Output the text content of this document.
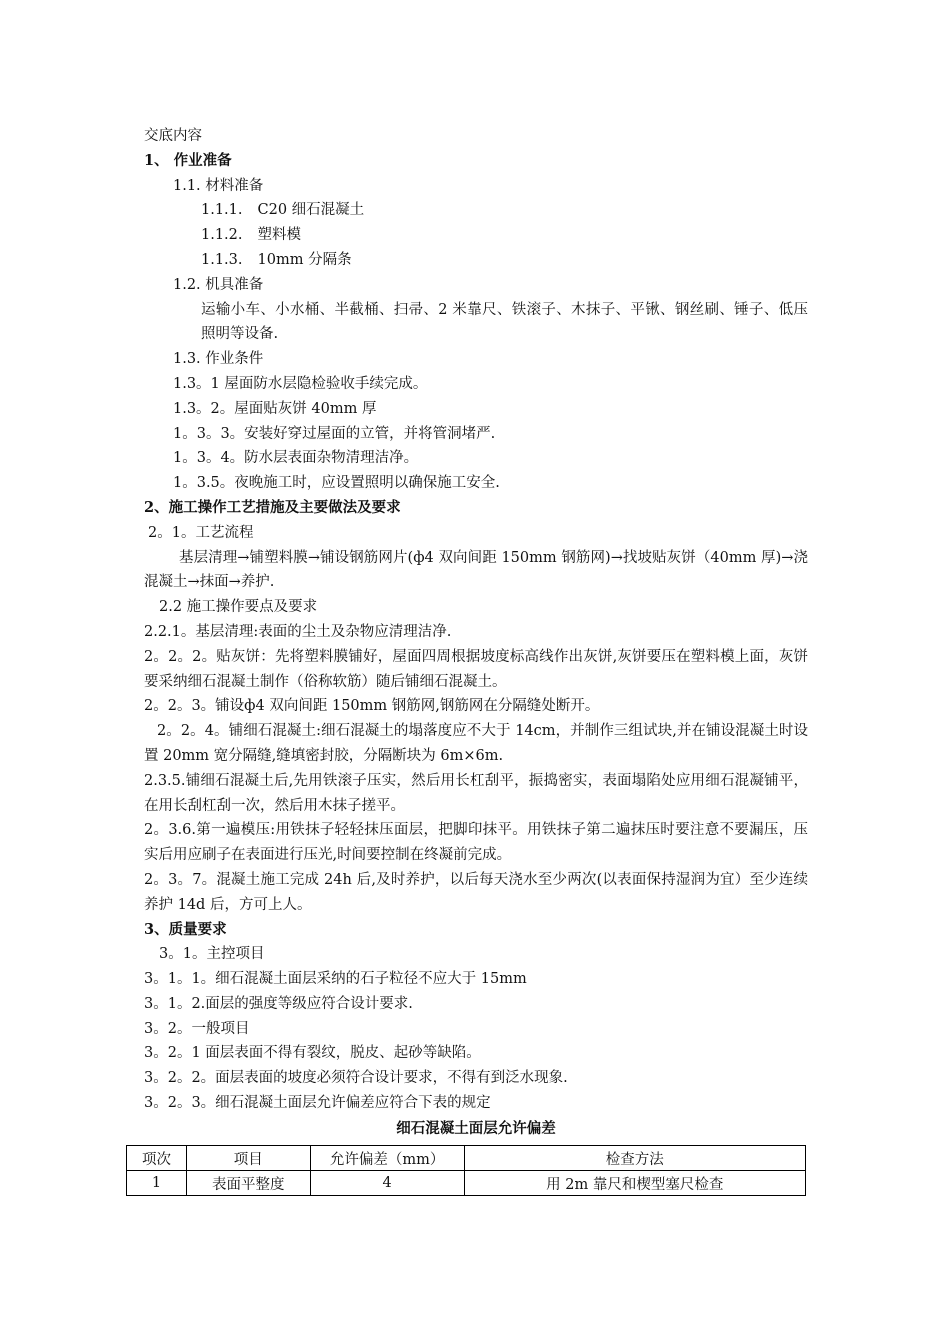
交底内容
1、 作业准备
1.1. 材料准备
1.1.1. C20 细石混凝土
1.1.2. 塑料模
1.1.3. 10mm 分隔条
1.2. 机具准备
运输小车、小水桶、半截桶、扫帚、2 米靠尺、铁滚子、木抹子、平锹、钢丝刷、锤子、低压照明等设备.
1.3. 作业条件
1.3。1 屋面防水层隐检验收手续完成。
1.3。2。屋面贴灰饼 40mm 厚
1。3。3。安装好穿过屋面的立管，并将管洞堵严.
1。3。4。防水层表面杂物清理洁净。
1。3.5。夜晚施工时，应设置照明以确保施工安全.
2、施工操作工艺措施及主要做法及要求
2。1。工艺流程
基层清理→铺塑料膜→铺设钢筋网片(ф4 双向间距 150mm 钢筋网)→找坡贴灰饼（40mm 厚)→浇混凝土→抹面→养护.
2.2 施工操作要点及要求
2.2.1。基层清理:表面的尘土及杂物应清理洁净.
2。2。2。贴灰饼：先将塑料膜铺好，屋面四周根据坡度标高线作出灰饼,灰饼要压在塑料模上面，灰饼要采纳细石混凝土制作（俗称软筋）随后铺细石混凝土。
2。2。3。铺设ф4 双向间距 150mm 钢筋网,钢筋网在分隔缝处断开。
2。2。4。铺细石混凝土:细石混凝土的塌落度应不大于 14cm，并制作三组试块,并在铺设混凝土时设置 20mm 宽分隔缝,缝填密封胶，分隔断块为 6m×6m.
2.3.5.铺细石混凝土后,先用铁滚子压实，然后用长杠刮平，振捣密实，表面塌陷处应用细石混凝铺平，在用长刮杠刮一次，然后用木抹子搓平。
2。3.6.第一遍模压:用铁抹子轻轻抹压面层，把脚印抹平。用铁抹子第二遍抹压时要注意不要漏压，压实后用应刷子在表面进行压光,时间要控制在终凝前完成。
2。3。7。混凝土施工完成 24h 后,及时养护，以后每天浇水至少两次(以表面保持湿润为宜）至少连续养护 14d 后，方可上人。
3、质量要求
3。1。主控项目
3。1。1。细石混凝土面层采纳的石子粒径不应大于 15mm
3。1。2.面层的强度等级应符合设计要求.
3。2。一般项目
3。2。1 面层表面不得有裂纹，脱皮、起砂等缺陷。
3。2。2。面层表面的坡度必须符合设计要求，不得有到泛水现象.
3。2。3。细石混凝土面层允许偏差应符合下表的规定
细石混凝土面层允许偏差
项次	项目	允许偏差（mm）	检查方法
1	表面平整度	4	用 2m 靠尺和楔型塞尺检查
